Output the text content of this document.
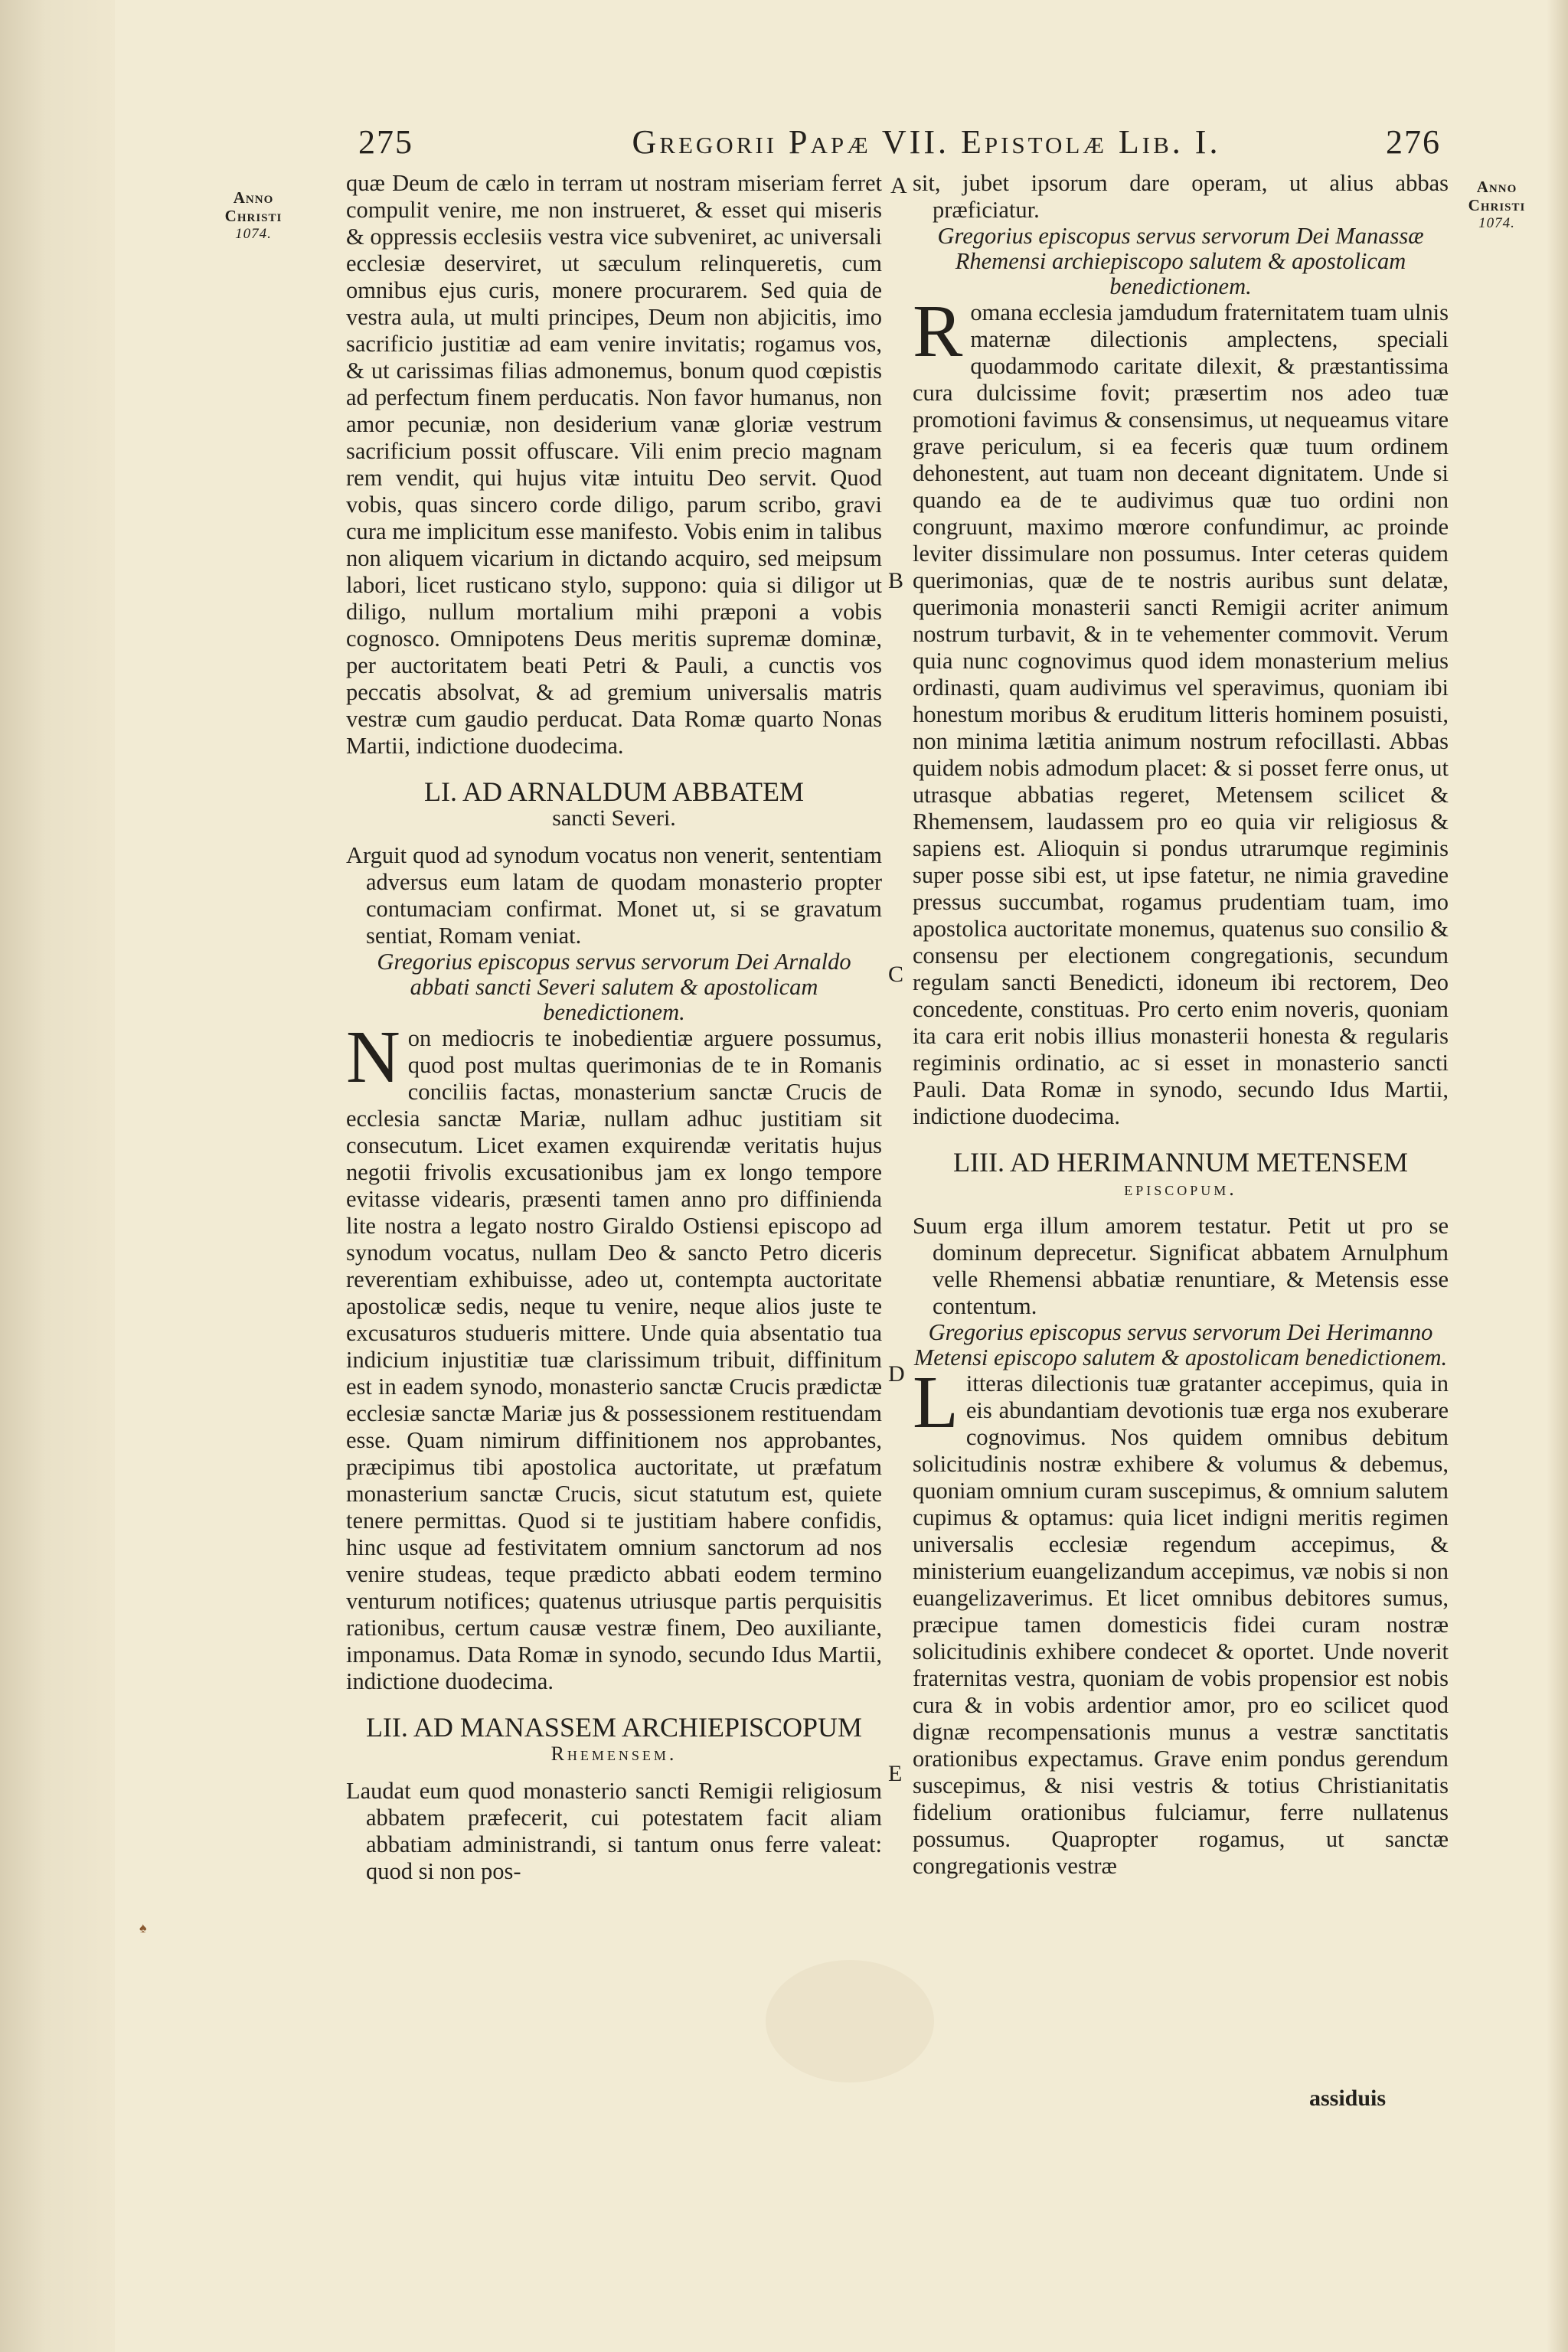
♠
275	Gregorii Papæ VII. Epistolæ Lib. I.	276
Anno
Christi
1074.
Anno
Christi
1074.
A
B
C
D
E

quæ Deum de cælo in terram ut nostram miseriam ferret compulit venire, me non instrueret, & esset qui miseris & oppressis ecclesiis vestra vice subveniret, ac universali ecclesiæ deserviret, ut sæculum relinqueretis, cum omnibus ejus curis, monere procurarem. Sed quia de vestra aula, ut multi principes, Deum non abjicitis, imo sacrificio justitiæ ad eam venire invitatis; rogamus vos, & ut carissimas filias admonemus, bonum quod cœpistis ad perfectum finem perducatis. Non favor humanus, non amor pecuniæ, non desiderium vanæ gloriæ vestrum sacrificium possit offuscare. Vili enim precio magnam rem vendit, qui hujus vitæ intuitu Deo servit. Quod vobis, quas sincero corde diligo, parum scribo, gravi cura me implicitum esse manifesto. Vobis enim in talibus non aliquem vicarium in dictando acquiro, sed meipsum labori, licet rusticano stylo, suppono: quia si diligor ut diligo, nullum mortalium mihi præponi a vobis cognosco. Omnipotens Deus meritis supremæ dominæ, per auctoritatem beati Petri & Pauli, a cunctis vos peccatis absolvat, & ad gremium universalis matris vestræ cum gaudio perducat. Data Romæ quarto Nonas Martii, indictione duodecima.

LI. AD ARNALDUM ABBATEM
sancti Severi.

Arguit quod ad synodum vocatus non venerit, sententiam adversus eum latam de quodam monasterio propter contumaciam confirmat. Monet ut, si se gravatum sentiat, Romam veniat.

Gregorius episcopus servus servorum Dei Arnaldo abbati sancti Severi salutem & apostolicam benedictionem.

Non mediocris te inobedientiæ arguere possumus, quod post multas querimonias de te in Romanis conciliis factas, monasterium sanctæ Crucis de ecclesia sanctæ Mariæ, nullam adhuc justitiam sit consecutum. Licet examen exquirendæ veritatis hujus negotii frivolis excusationibus jam ex longo tempore evitasse videaris, præsenti tamen anno pro diffinienda lite nostra a legato nostro Giraldo Ostiensi episcopo ad synodum vocatus, nullam Deo & sancto Petro diceris reverentiam exhibuisse, adeo ut, contempta auctoritate apostolicæ sedis, neque tu venire, neque alios juste te excusaturos studueris mittere. Unde quia absentatio tua indicium injustitiæ tuæ clarissimum tribuit, diffinitum est in eadem synodo, monasterio sanctæ Crucis prædictæ ecclesiæ sanctæ Mariæ jus & possessionem restituendam esse. Quam nimirum diffinitionem nos approbantes, præcipimus tibi apostolica auctoritate, ut præfatum monasterium sanctæ Crucis, sicut statutum est, quiete tenere permittas. Quod si te justitiam habere confidis, hinc usque ad festivitatem omnium sanctorum ad nos venire studeas, teque prædicto abbati eodem termino venturum notifices; quatenus utriusque partis perquisitis rationibus, certum causæ vestræ finem, Deo auxiliante, imponamus. Data Romæ in synodo, secundo Idus Martii, indictione duodecima.

LII. AD MANASSEM ARCHIEPISCOPUM
Rhemensem.

Laudat eum quod monasterio sancti Remigii religiosum abbatem præfecerit, cui potestatem facit aliam abbatiam administrandi, si tantum onus ferre valeat: quod si non pos-

sit, jubet ipsorum dare operam, ut alius abbas præficiatur.

Gregorius episcopus servus servorum Dei Manassæ Rhemensi archiepiscopo salutem & apostolicam benedictionem.

Romana ecclesia jamdudum fraternitatem tuam ulnis maternæ dilectionis amplectens, speciali quodammodo caritate dilexit, & præstantissima cura dulcissime fovit; præsertim nos adeo tuæ promotioni favimus & consensimus, ut nequeamus vitare grave periculum, si ea feceris quæ tuum ordinem dehonestent, aut tuam non deceant dignitatem. Unde si quando ea de te audivimus quæ tuo ordini non congruunt, maximo mœrore confundimur, ac proinde leviter dissimulare non possumus. Inter ceteras quidem querimonias, quæ de te nostris auribus sunt delatæ, querimonia monasterii sancti Remigii acriter animum nostrum turbavit, & in te vehementer commovit. Verum quia nunc cognovimus quod idem monasterium melius ordinasti, quam audivimus vel speravimus, quoniam ibi honestum moribus & eruditum litteris hominem posuisti, non minima lætitia animum nostrum refocillasti. Abbas quidem nobis admodum placet: & si posset ferre onus, ut utrasque abbatias regeret, Metensem scilicet & Rhemensem, laudassem pro eo quia vir religiosus & sapiens est. Alioquin si pondus utrarumque regiminis super posse sibi est, ut ipse fatetur, ne nimia gravedine pressus succumbat, rogamus prudentiam tuam, imo apostolica auctoritate monemus, quatenus suo consilio & consensu per electionem congregationis, secundum regulam sancti Benedicti, idoneum ibi rectorem, Deo concedente, constituas. Pro certo enim noveris, quoniam ita cara erit nobis illius monasterii honesta & regularis regiminis ordinatio, ac si esset in monasterio sancti Pauli. Data Romæ in synodo, secundo Idus Martii, indictione duodecima.

LIII. AD HERIMANNUM METENSEM
episcopum.

Suum erga illum amorem testatur. Petit ut pro se dominum deprecetur. Significat abbatem Arnulphum velle Rhemensi abbatiæ renuntiare, & Metensis esse contentum.

Gregorius episcopus servus servorum Dei Herimanno Metensi episcopo salutem & apostolicam benedictionem.

Litteras dilectionis tuæ gratanter accepimus, quia in eis abundantiam devotionis tuæ erga nos exuberare cognovimus. Nos quidem omnibus debitum solicitudinis nostræ exhibere & volumus & debemus, quoniam omnium curam suscepimus, & omnium salutem cupimus & optamus: quia licet indigni meritis regimen universalis ecclesiæ regendum accepimus, & ministerium euangelizandum accepimus, væ nobis si non euangelizaverimus. Et licet omnibus debitores sumus, præcipue tamen domesticis fidei curam nostræ solicitudinis exhibere condecet & oportet. Unde noverit fraternitas vestra, quoniam de vobis propensior est nobis cura & in vobis ardentior amor, pro eo scilicet quod dignæ recompensationis munus a vestræ sanctitatis orationibus expectamus. Grave enim pondus gerendum suscepimus, & nisi vestris & totius Christianitatis fidelium orationibus fulciamur, ferre nullatenus possumus. Quapropter rogamus, ut sanctæ congregationis vestræ

assiduis
